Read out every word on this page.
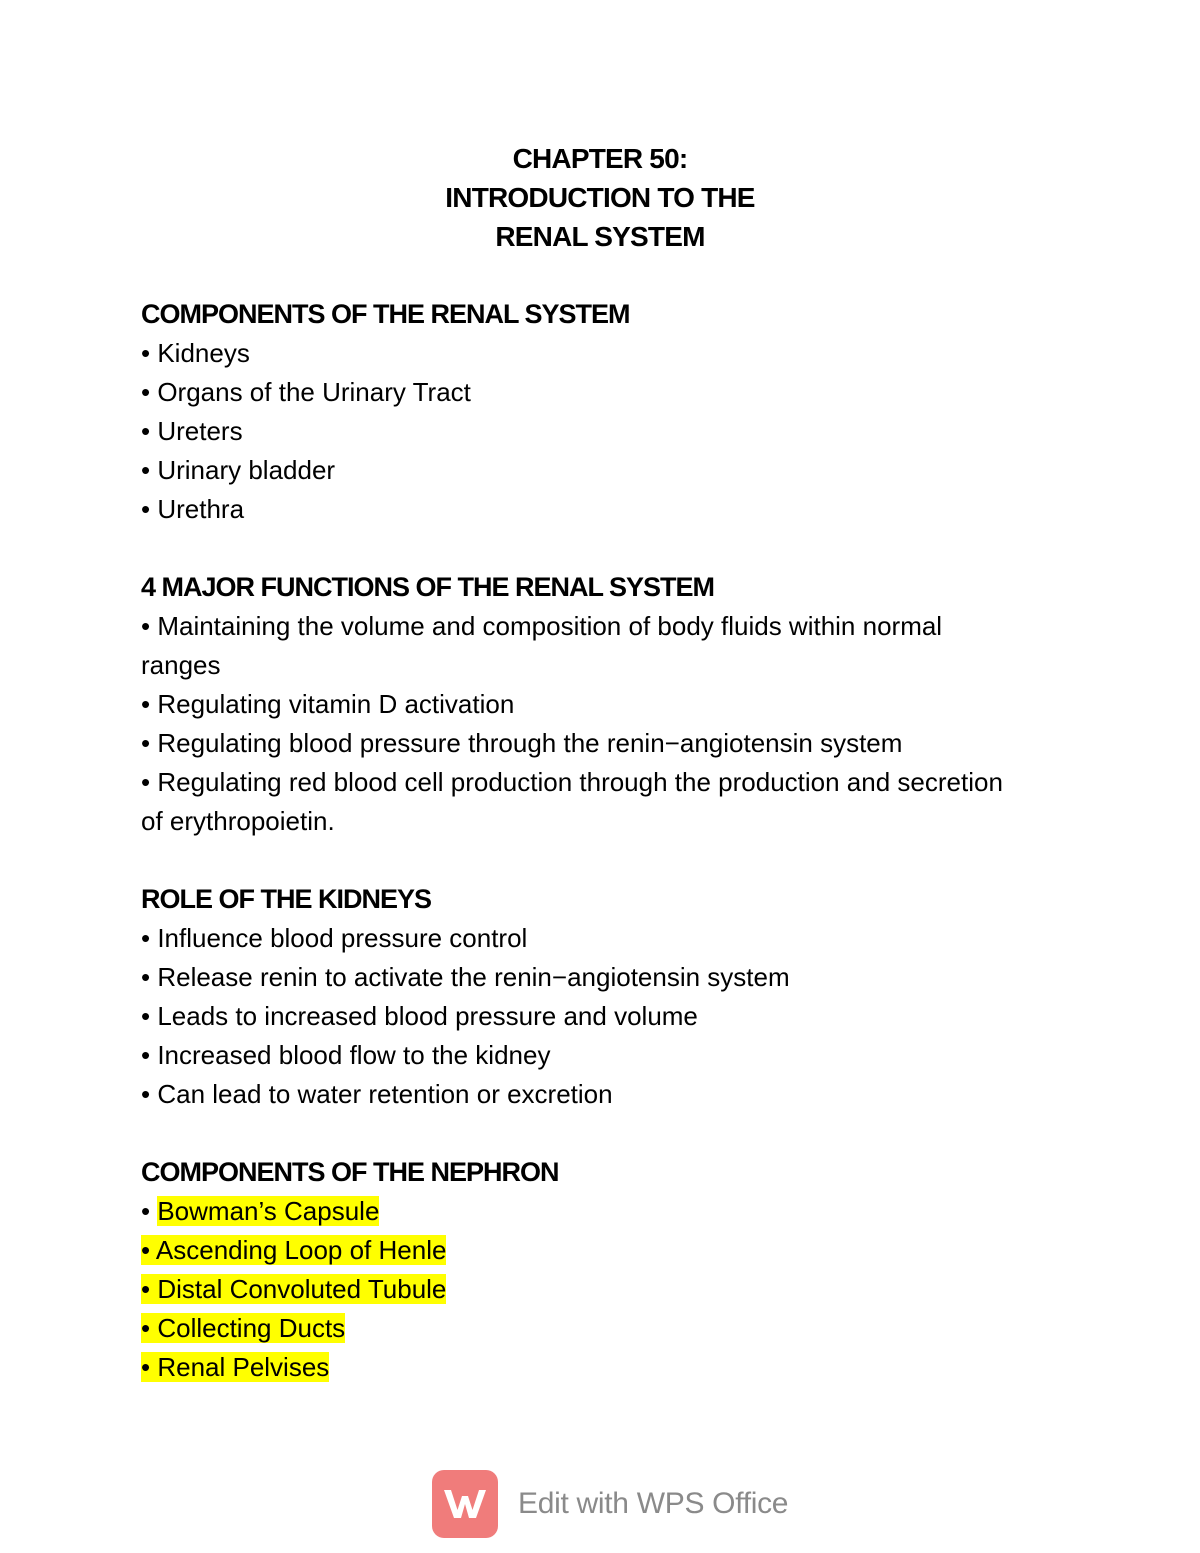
CHAPTER 50:
INTRODUCTION TO THE
RENAL SYSTEM
COMPONENTS OF THE RENAL SYSTEM
• Kidneys
• Organs of the Urinary Tract
• Ureters
• Urinary bladder
• Urethra
4 MAJOR FUNCTIONS OF THE RENAL SYSTEM
• Maintaining the volume and composition of body fluids within normal ranges
• Regulating vitamin D activation
• Regulating blood pressure through the renin−angiotensin system
• Regulating red blood cell production through the production and secretion of erythropoietin.
ROLE OF THE KIDNEYS
• Influence blood pressure control
• Release renin to activate the renin−angiotensin system
• Leads to increased blood pressure and volume
• Increased blood flow to the kidney
• Can lead to water retention or excretion
COMPONENTS OF THE NEPHRON
• Bowman’s Capsule
• Ascending Loop of Henle
• Distal Convoluted Tubule
• Collecting Ducts
• Renal Pelvises
Edit with WPS Office
